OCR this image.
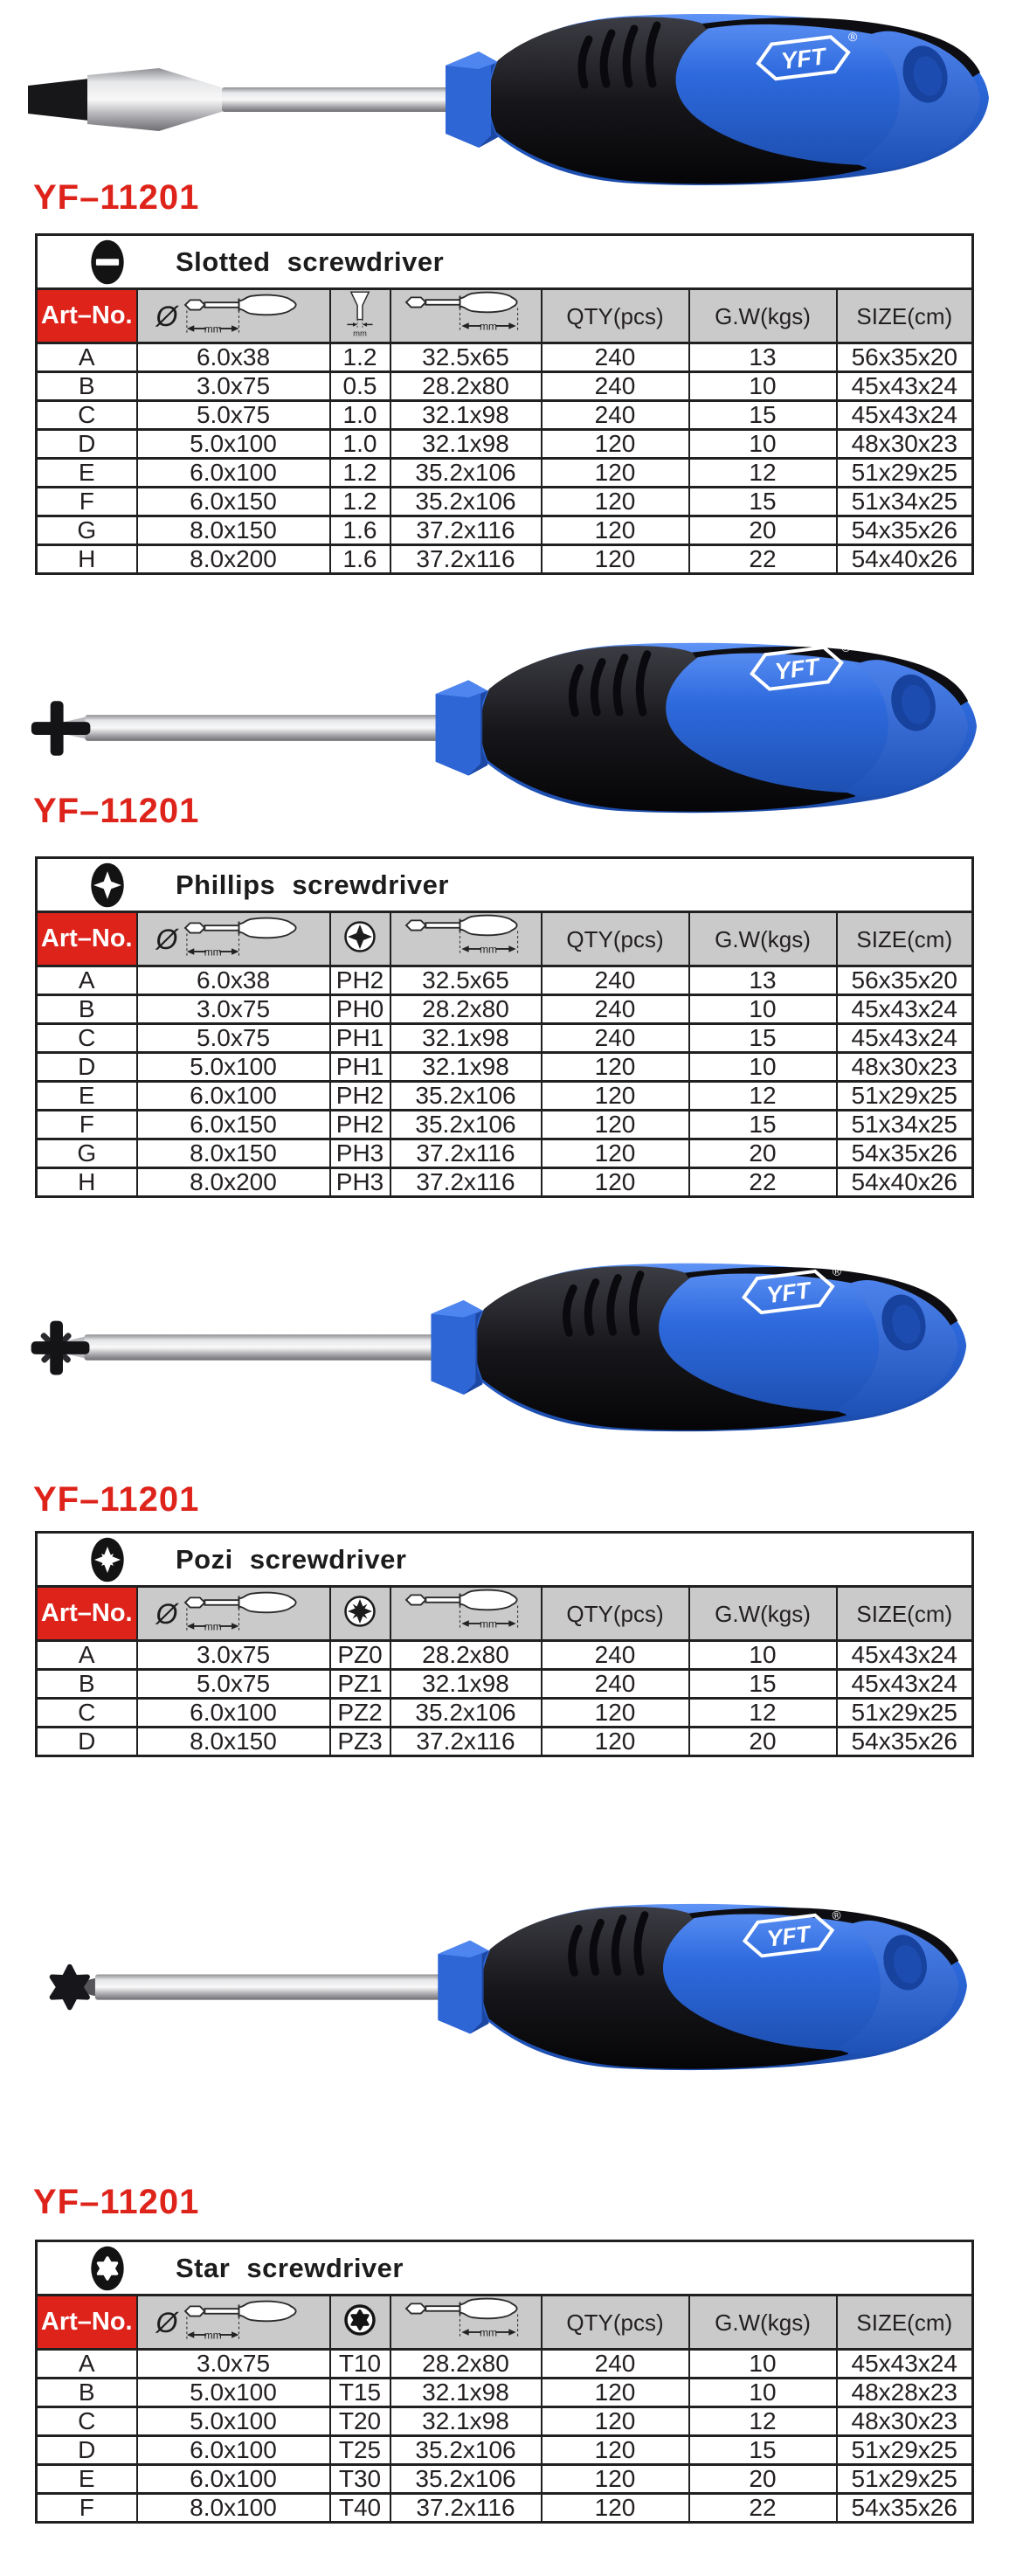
YFT
®
YF–11201
Slotted screwdriver						

Art–No.	Ø mm	mm	mm	QTY(pcs)	G.W(kgs)	SIZE(cm)
A	6.0x38	1.2	32.5x65	240	13	56x35x20
B	3.0x75	0.5	28.2x80	240	10	45x43x24
C	5.0x75	1.0	32.1x98	240	15	45x43x24
D	5.0x100	1.0	32.1x98	120	10	48x30x23
E	6.0x100	1.2	35.2x106	120	12	51x29x25
F	6.0x150	1.2	35.2x106	120	15	51x34x25
G	8.0x150	1.6	37.2x116	120	20	54x35x26
H	8.0x200	1.6	37.2x116	120	22	54x40x26
YFT
®
YF–11201
Phillips screwdriver						

Art–No.	Ø mm		mm	QTY(pcs)	G.W(kgs)	SIZE(cm)
A	6.0x38	PH2	32.5x65	240	13	56x35x20
B	3.0x75	PH0	28.2x80	240	10	45x43x24
C	5.0x75	PH1	32.1x98	240	15	45x43x24
D	5.0x100	PH1	32.1x98	120	10	48x30x23
E	6.0x100	PH2	35.2x106	120	12	51x29x25
F	6.0x150	PH2	35.2x106	120	15	51x34x25
G	8.0x150	PH3	37.2x116	120	20	54x35x26
H	8.0x200	PH3	37.2x116	120	22	54x40x26
YFT
®
YF–11201
Pozi screwdriver						

Art–No.	Ø mm		mm	QTY(pcs)	G.W(kgs)	SIZE(cm)
A	3.0x75	PZ0	28.2x80	240	10	45x43x24
B	5.0x75	PZ1	32.1x98	240	15	45x43x24
C	6.0x100	PZ2	35.2x106	120	12	51x29x25
D	8.0x150	PZ3	37.2x116	120	20	54x35x26
YFT
®
YF–11201
Star screwdriver						

Art–No.	Ø mm		mm	QTY(pcs)	G.W(kgs)	SIZE(cm)
A	3.0x75	T10	28.2x80	240	10	45x43x24
B	5.0x100	T15	32.1x98	120	10	48x28x23
C	5.0x100	T20	32.1x98	120	12	48x30x23
D	6.0x100	T25	35.2x106	120	15	51x29x25
E	6.0x100	T30	35.2x106	120	20	51x29x25
F	8.0x100	T40	37.2x116	120	22	54x35x26
